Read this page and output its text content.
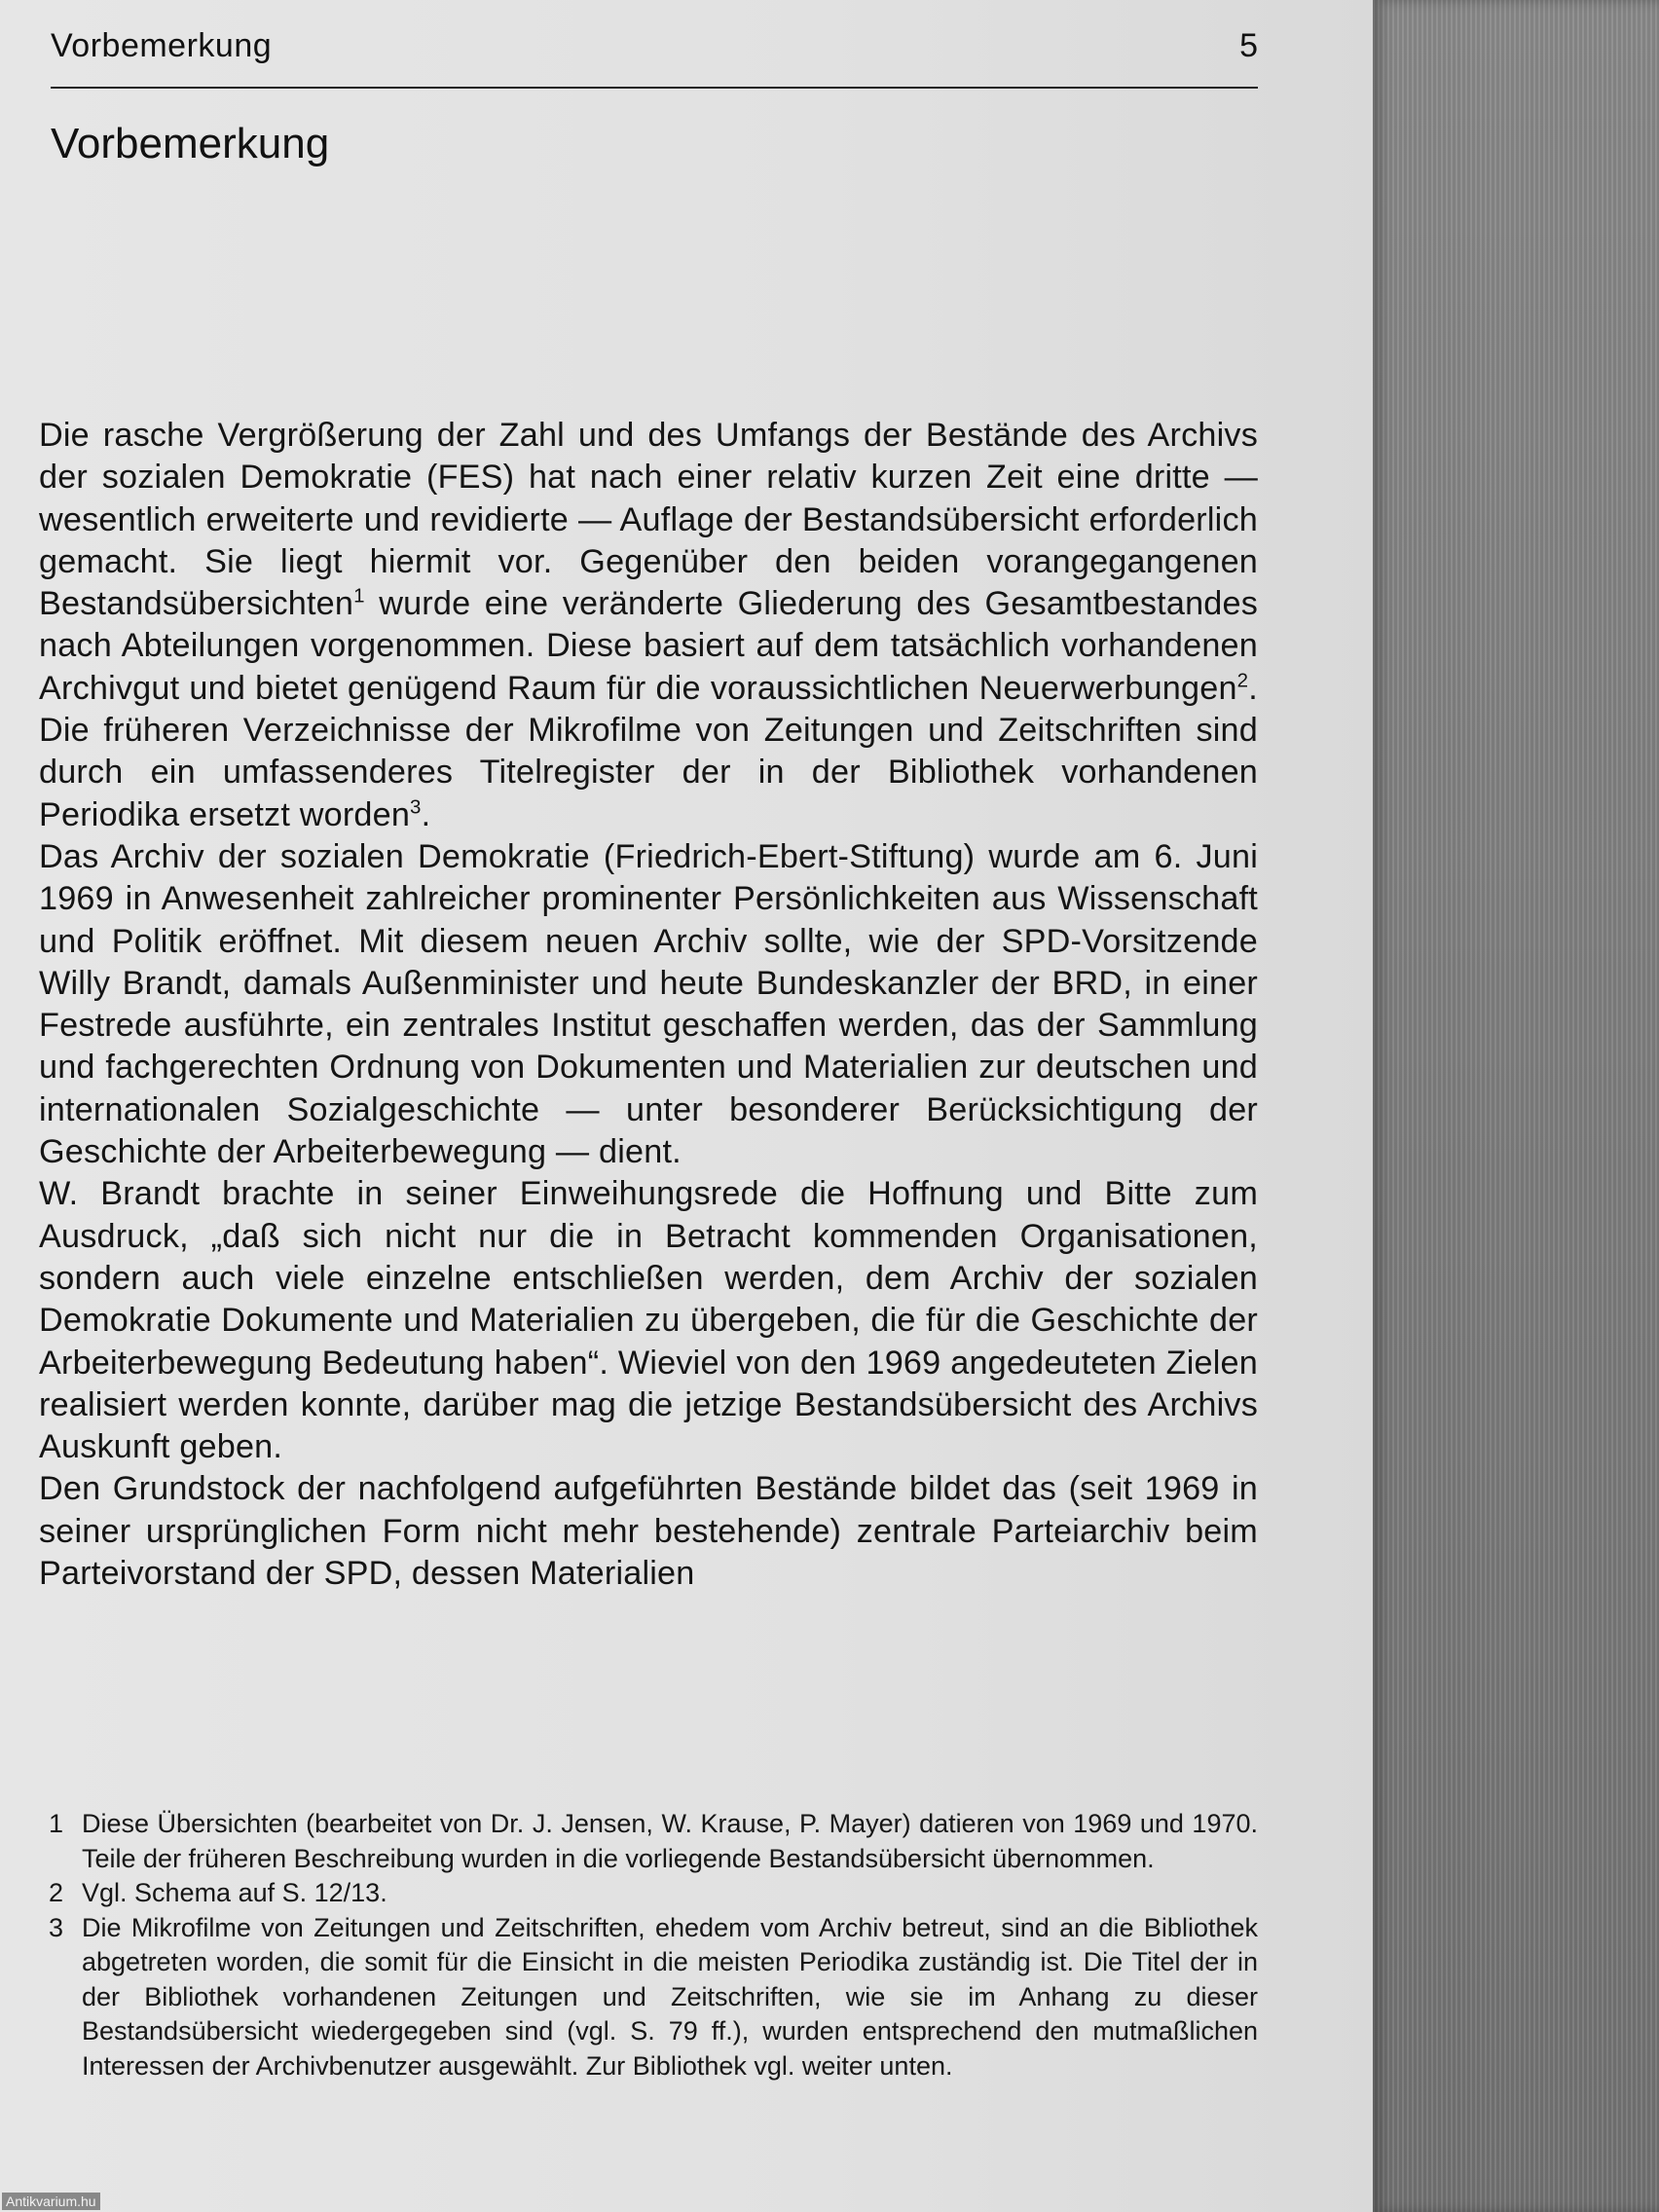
Vorbemerkung	5
Vorbemerkung

Die rasche Vergrößerung der Zahl und des Umfangs der Bestände des Archivs der sozialen Demokratie (FES) hat nach einer relativ kurzen Zeit eine dritte — wesentlich erweiterte und revidierte — Auflage der Bestandsübersicht erforderlich gemacht. Sie liegt hiermit vor. Gegenüber den beiden vorangegangenen Bestandsübersichten$^1$ wurde eine veränderte Gliederung des Gesamtbestandes nach Abteilungen vorgenommen. Diese basiert auf dem tatsächlich vorhandenen Archivgut und bietet genügend Raum für die voraussichtlichen Neuerwerbungen$^2$. Die früheren Verzeichnisse der Mikrofilme von Zeitungen und Zeitschriften sind durch ein umfassenderes Titelregister der in der Bibliothek vorhandenen Periodika ersetzt worden$^3$.

Das Archiv der sozialen Demokratie (Friedrich-Ebert-Stiftung) wurde am 6. Juni 1969 in Anwesenheit zahlreicher prominenter Persönlichkeiten aus Wissenschaft und Politik eröffnet. Mit diesem neuen Archiv sollte, wie der SPD-Vorsitzende Willy Brandt, damals Außenminister und heute Bundeskanzler der BRD, in einer Festrede ausführte, ein zentrales Institut geschaffen werden, das der Sammlung und fachgerechten Ordnung von Dokumenten und Materialien zur deutschen und internationalen Sozialgeschichte — unter besonderer Berücksichtigung der Geschichte der Arbeiterbewegung — dient.

W. Brandt brachte in seiner Einweihungsrede die Hoffnung und Bitte zum Ausdruck, „daß sich nicht nur die in Betracht kommenden Organisationen, sondern auch viele einzelne entschließen werden, dem Archiv der sozialen Demokratie Dokumente und Materialien zu übergeben, die für die Geschichte der Arbeiterbewegung Bedeutung haben“. Wieviel von den 1969 angedeuteten Zielen realisiert werden konnte, darüber mag die jetzige Bestandsübersicht des Archivs Auskunft geben.

Den Grundstock der nachfolgend aufgeführten Bestände bildet das (seit 1969 in seiner ursprünglichen Form nicht mehr bestehende) zentrale Parteiarchiv beim Parteivorstand der SPD, dessen Materialien

1 Diese Übersichten (bearbeitet von Dr. J. Jensen, W. Krause, P. Mayer) datieren von 1969 und 1970. Teile der früheren Beschreibung wurden in die vorliegende Bestandsübersicht übernommen.
2 Vgl. Schema auf S. 12/13.
3 Die Mikrofilme von Zeitungen und Zeitschriften, ehedem vom Archiv betreut, sind an die Bibliothek abgetreten worden, die somit für die Einsicht in die meisten Periodika zuständig ist. Die Titel der in der Bibliothek vorhandenen Zeitungen und Zeitschriften, wie sie im Anhang zu dieser Bestandsübersicht wiedergegeben sind (vgl. S. 79 ff.), wurden entsprechend den mutmaßlichen Interessen der Archivbenutzer ausgewählt. Zur Bibliothek vgl. weiter unten.
Antikvarium.hu
